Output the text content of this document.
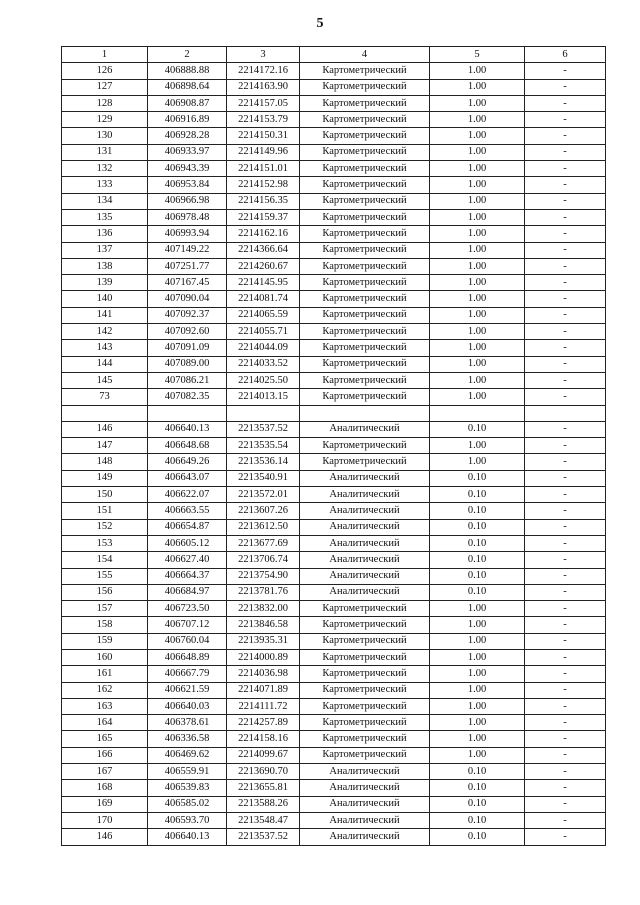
5
1	2	3	4	5	6
126	406888.88	2214172.16	Картометрический	1.00	-
127	406898.64	2214163.90	Картометрический	1.00	-
128	406908.87	2214157.05	Картометрический	1.00	-
129	406916.89	2214153.79	Картометрический	1.00	-
130	406928.28	2214150.31	Картометрический	1.00	-
131	406933.97	2214149.96	Картометрический	1.00	-
132	406943.39	2214151.01	Картометрический	1.00	-
133	406953.84	2214152.98	Картометрический	1.00	-
134	406966.98	2214156.35	Картометрический	1.00	-
135	406978.48	2214159.37	Картометрический	1.00	-
136	406993.94	2214162.16	Картометрический	1.00	-
137	407149.22	2214366.64	Картометрический	1.00	-
138	407251.77	2214260.67	Картометрический	1.00	-
139	407167.45	2214145.95	Картометрический	1.00	-
140	407090.04	2214081.74	Картометрический	1.00	-
141	407092.37	2214065.59	Картометрический	1.00	-
142	407092.60	2214055.71	Картометрический	1.00	-
143	407091.09	2214044.09	Картометрический	1.00	-
144	407089.00	2214033.52	Картометрический	1.00	-
145	407086.21	2214025.50	Картометрический	1.00	-
73	407082.35	2214013.15	Картометрический	1.00	-

146	406640.13	2213537.52	Аналитический	0.10	-
147	406648.68	2213535.54	Картометрический	1.00	-
148	406649.26	2213536.14	Картометрический	1.00	-
149	406643.07	2213540.91	Аналитический	0.10	-
150	406622.07	2213572.01	Аналитический	0.10	-
151	406663.55	2213607.26	Аналитический	0.10	-
152	406654.87	2213612.50	Аналитический	0.10	-
153	406605.12	2213677.69	Аналитический	0.10	-
154	406627.40	2213706.74	Аналитический	0.10	-
155	406664.37	2213754.90	Аналитический	0.10	-
156	406684.97	2213781.76	Аналитический	0.10	-
157	406723.50	2213832.00	Картометрический	1.00	-
158	406707.12	2213846.58	Картометрический	1.00	-
159	406760.04	2213935.31	Картометрический	1.00	-
160	406648.89	2214000.89	Картометрический	1.00	-
161	406667.79	2214036.98	Картометрический	1.00	-
162	406621.59	2214071.89	Картометрический	1.00	-
163	406640.03	2214111.72	Картометрический	1.00	-
164	406378.61	2214257.89	Картометрический	1.00	-
165	406336.58	2214158.16	Картометрический	1.00	-
166	406469.62	2214099.67	Картометрический	1.00	-
167	406559.91	2213690.70	Аналитический	0.10	-
168	406539.83	2213655.81	Аналитический	0.10	-
169	406585.02	2213588.26	Аналитический	0.10	-
170	406593.70	2213548.47	Аналитический	0.10	-
146	406640.13	2213537.52	Аналитический	0.10	-
